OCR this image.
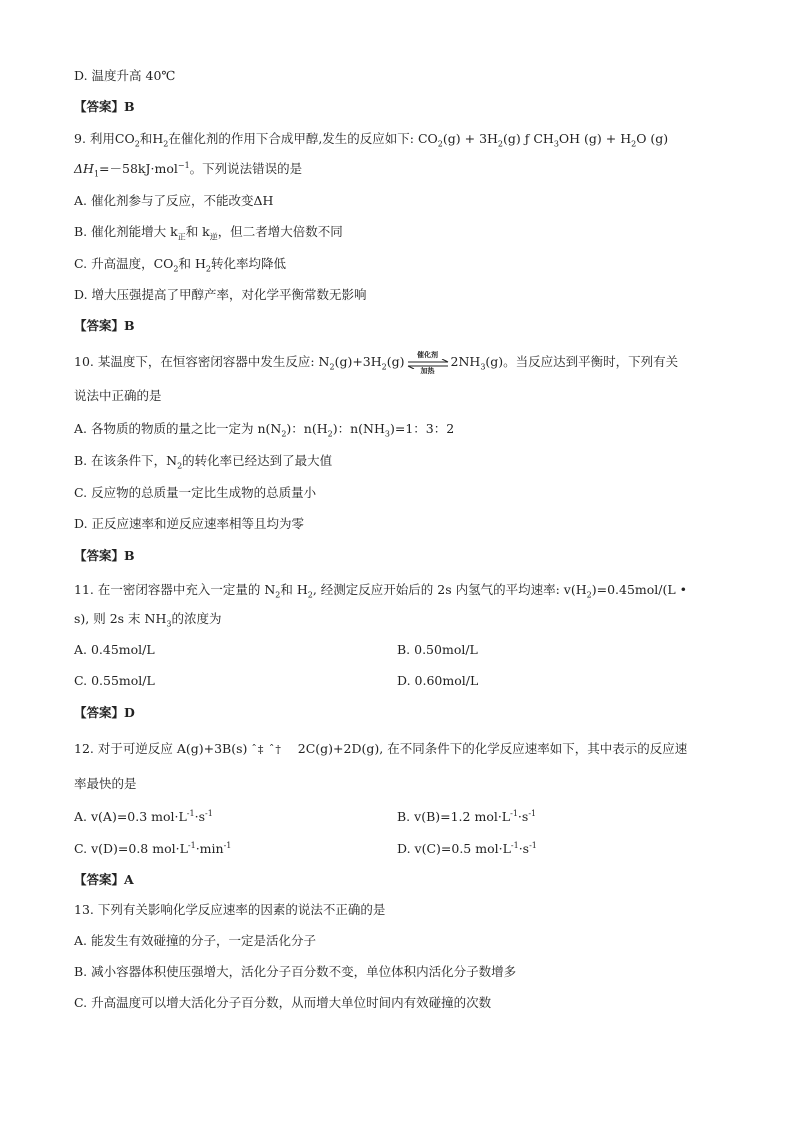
D. 温度升高 40℃
【答案】B
9. 利用$CO_2$和$H_2$在催化剂的作用下合成甲醇,发生的反应如下: $CO_2(g) + 3H_2(g)$ ƒ $CH_3OH$ $(g) + H_2O$ (g)
$\Delta H_1=-58kJ\cdot mol^{-1}$。下列说法错误的是
A. 催化剂参与了反应，不能改变ΔH
B. 催化剂能增大 $k_正$和 $k_逆$，但二者增大倍数不同
C. 升高温度，$CO_2$和 $H_2$转化率均降低
D. 增大压强提高了甲醇产率，对化学平衡常数无影响
【答案】B
10. 某温度下，在恒容密闭容器中发生反应: $N_2(g)+3H_2(g)$	催化剂
加热
$2NH_3(g)$。当反应达到平衡时，下列有关
说法中正确的是
A. 各物质的物质的量之比一定为 $n(N_2)$：$n(H_2)$：$n(NH_3)=1$：3：2
B. 在该条件下，$N_2$的转化率已经达到了最大值
C. 反应物的总质量一定比生成物的总质量小
D. 正反应速率和逆反应速率相等且均为零
【答案】B
11. 在一密闭容器中充入一定量的 $N_2$和 $H_2$, 经测定反应开始后的 2s 内氢气的平均速率: $v(H_2)=0.45mol/(L$ •
s), 则 2s 末 $NH_3$的浓度为
A. 0.45mol/L	B. 0.50mol/L
C. 0.55mol/L	D. 0.60mol/L
【答案】D
12. 对于可逆反应 A(g)+3B(s) ˆ‡ ˆ† 2C(g)+2D(g), 在不同条件下的化学反应速率如下，其中表示的反应速
率最快的是
A. v(A)=0.3 $mol\cdot L^{-1}\cdot s^{-1}$	B. v(B)=1.2 $mol\cdot L^{-1}\cdot s^{-1}$
C. v(D)=0.8 $mol\cdot L^{-1}\cdot\min^{-1}$	D. v(C)=0.5 $mol\cdot L^{-1}\cdot s^{-1}$
【答案】A
13. 下列有关影响化学反应速率的因素的说法不正确的是
A. 能发生有效碰撞的分子，一定是活化分子
B. 减小容器体积使压强增大，活化分子百分数不变，单位体积内活化分子数增多
C. 升高温度可以增大活化分子百分数，从而增大单位时间内有效碰撞的次数
